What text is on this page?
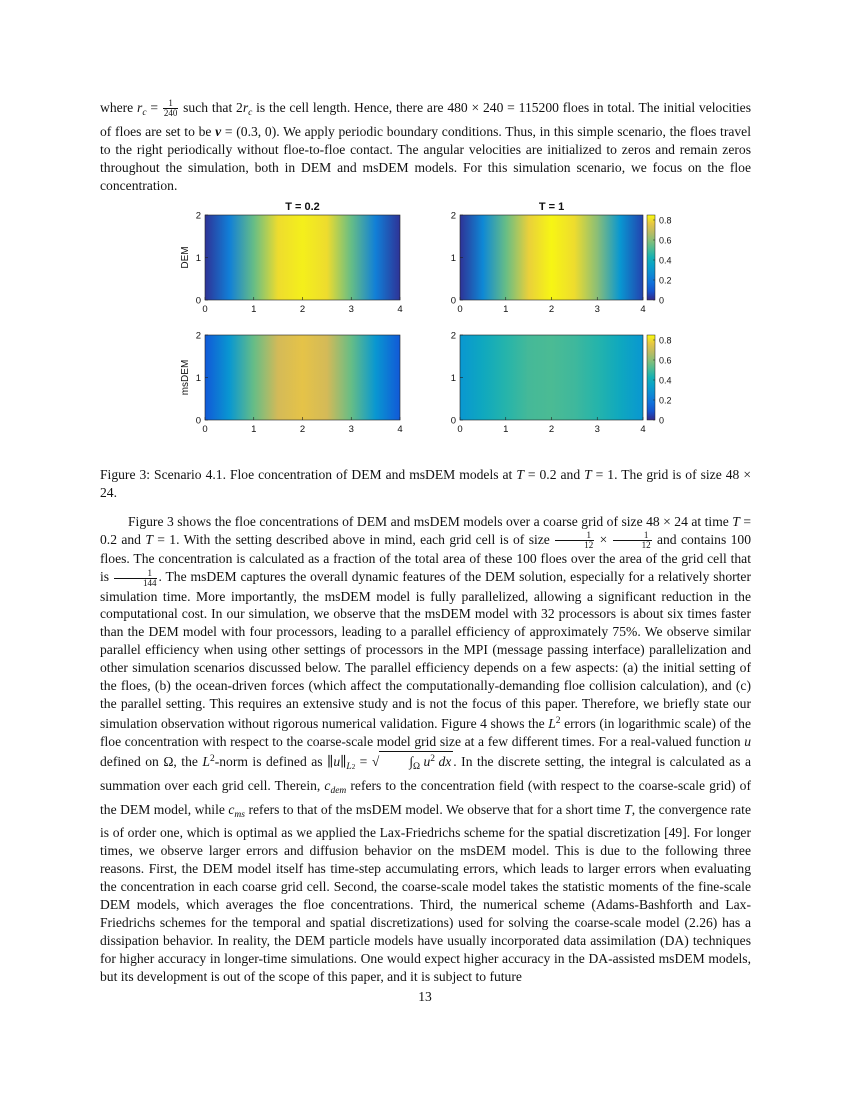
where $r_c = \frac{1}{240}$ such that $2r_c$ is the cell length. Hence, there are 480 × 240 = 115200 floes in total. The initial velocities of floes are set to be v = (0.3, 0). We apply periodic boundary conditions. Thus, in this simple scenario, the floes travel to the right periodically without floe-to-floe contact. The angular velocities are initialized to zeros and remain zeros throughout the simulation, both in DEM and msDEM models. For this simulation scenario, we focus on the floe concentration.

0	1	2	3	4
0
1
2
T = 0.2
DEM
0	1	2	3	4
0
1
2
T = 1
0
0.2
0.4
0.6
0.8
0	1	2	3	4
0
1
2
msDEM
0	1	2	3	4
0
1
2
0
0.2
0.4
0.6
0.8

Figure 3: Scenario 4.1. Floe concentration of DEM and msDEM models at T = 0.2 and T = 1. The grid is of size 48 × 24.

Figure 3 shows the floe concentrations of DEM and msDEM models over a coarse grid of size 48 × 24 at time T = 0.2 and T = 1. With the setting described above in mind, each grid cell is of size $\frac{1}{12} \times \frac{1}{12}$ and contains 100 floes. The concentration is calculated as a fraction of the total area of these 100 floes over the area of the grid cell that is $\frac{1}{144}$ . The msDEM captures the overall dynamic features of the DEM solution, especially for a relatively shorter simulation time. More importantly, the msDEM model is fully parallelized, allowing a significant reduction in the computational cost. In our simulation, we observe that the msDEM model with 32 processors is about six times faster than the DEM model with four processors, leading to a parallel efficiency of approximately 75%. We observe similar parallel efficiency when using other settings of processors in the MPI (message passing interface) parallelization and other simulation scenarios discussed below. The parallel efficiency depends on a few aspects: (a) the initial setting of the floes, (b) the ocean-driven forces (which affect the computationally-demanding floe collision calculation), and (c) the parallel setting. This requires an extensive study and is not the focus of this paper. Therefore, we briefly state our simulation observation without rigorous numerical validation. Figure 4 shows the $L^2$ errors (in logarithmic scale) of the floe concentration with respect to the coarse-scale model grid size at a few different times. For a real-valued function u defined on Ω, the $L^2$-norm is defined as $\parallel u\parallel_{L2}$ = √ $\int_\Omega$ $u^2$ dx . In the discrete setting, the integral is calculated as a summation over each grid cell. Therein, $c_{dem}$ refers to the concentration field (with respect to the coarse-scale grid) of the DEM model, while $c_{ms}$ refers to that of the msDEM model. We observe that for a short time T, the convergence rate is of order one, which is optimal as we applied the Lax-Friedrichs scheme for the spatial discretization [49]. For longer times, we observe larger errors and diffusion behavior on the msDEM model. This is due to the following three reasons. First, the DEM model itself has time-step accumulating errors, which leads to larger errors when evaluating the concentration in each coarse grid cell. Second, the coarse-scale model takes the statistic moments of the fine-scale DEM models, which averages the floe concentrations. Third, the numerical scheme (Adams-Bashforth and Lax-Friedrichs schemes for the temporal and spatial discretizations) used for solving the coarse-scale model (2.26) has a dissipation behavior. In reality, the DEM particle models have usually incorporated data assimilation (DA) techniques for higher accuracy in longer-time simulations. One would expect higher accuracy in the DA-assisted msDEM models, but its development is out of the scope of this paper, and it is subject to future

13
